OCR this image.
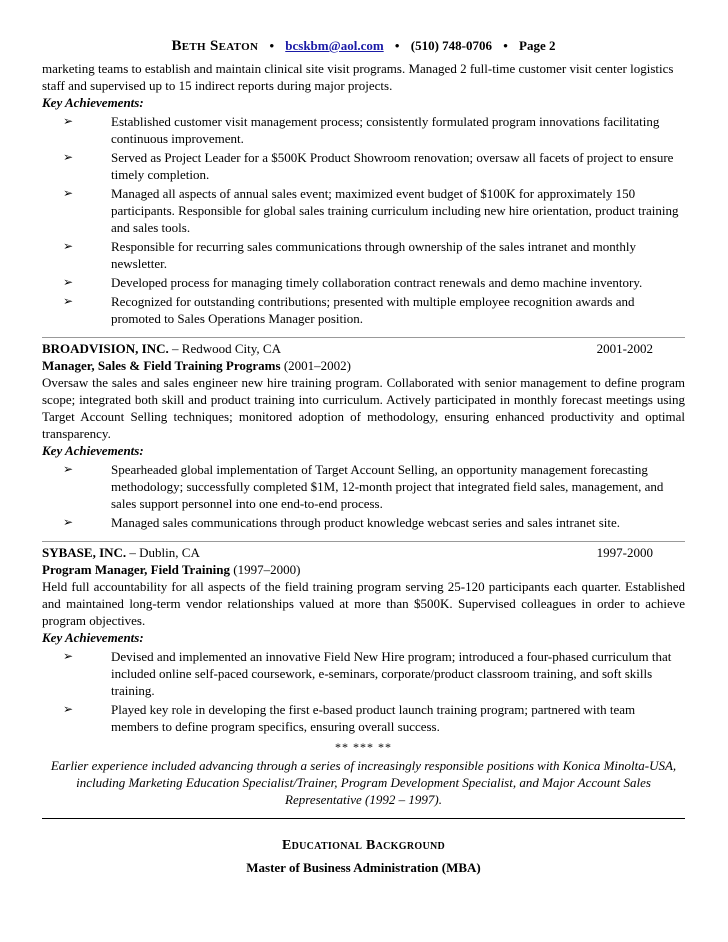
Beth Seaton • bcskbm@aol.com • (510) 748-0706 • Page 2

marketing teams to establish and maintain clinical site visit programs. Managed 2 full-time customer visit center logistics staff and supervised up to 15 indirect reports during major projects.

Key Achievements:

➢	Established customer visit management process; consistently formulated program innovations facilitating continuous improvement.
➢	Served as Project Leader for a $500K Product Showroom renovation; oversaw all facets of project to ensure timely completion.
➢	Managed all aspects of annual sales event; maximized event budget of $100K for approximately 150 participants. Responsible for global sales training curriculum including new hire orientation, product training and sales tools.
➢	Responsible for recurring sales communications through ownership of the sales intranet and monthly newsletter.
➢	Developed process for managing timely collaboration contract renewals and demo machine inventory.
➢	Recognized for outstanding contributions; presented with multiple employee recognition awards and promoted to Sales Operations Manager position.
BROADVISION, INC. – Redwood City, CA	2001-2002

Manager, Sales & Field Training Programs (2001–2002)

Oversaw the sales and sales engineer new hire training program. Collaborated with senior management to define program scope; integrated both skill and product training into curriculum. Actively participated in monthly forecast meetings using Target Account Selling techniques; monitored adoption of methodology, ensuring enhanced productivity and optimal transparency.

Key Achievements:

➢	Spearheaded global implementation of Target Account Selling, an opportunity management forecasting methodology; successfully completed $1M, 12-month project that integrated field sales, management, and sales support personnel into one end-to-end process.
➢	Managed sales communications through product knowledge webcast series and sales intranet site.
SYBASE, INC. – Dublin, CA	1997-2000

Program Manager, Field Training (1997–2000)

Held full accountability for all aspects of the field training program serving 25-120 participants each quarter. Established and maintained long-term vendor relationships valued at more than $500K. Supervised colleagues in order to achieve program objectives.

Key Achievements:

➢	Devised and implemented an innovative Field New Hire program; introduced a four-phased curriculum that included online self-paced coursework, e-seminars, corporate/product classroom training, and soft skills training.
➢	Played key role in developing the first e-based product launch training program; partnered with team members to define program specifics, ensuring overall success.
** *** **

Earlier experience included advancing through a series of increasingly responsible positions with Konica Minolta-USA, including Marketing Education Specialist/Trainer, Program Development Specialist, and Major Account Sales Representative (1992 – 1997).

Educational Background
Master of Business Administration (MBA)
